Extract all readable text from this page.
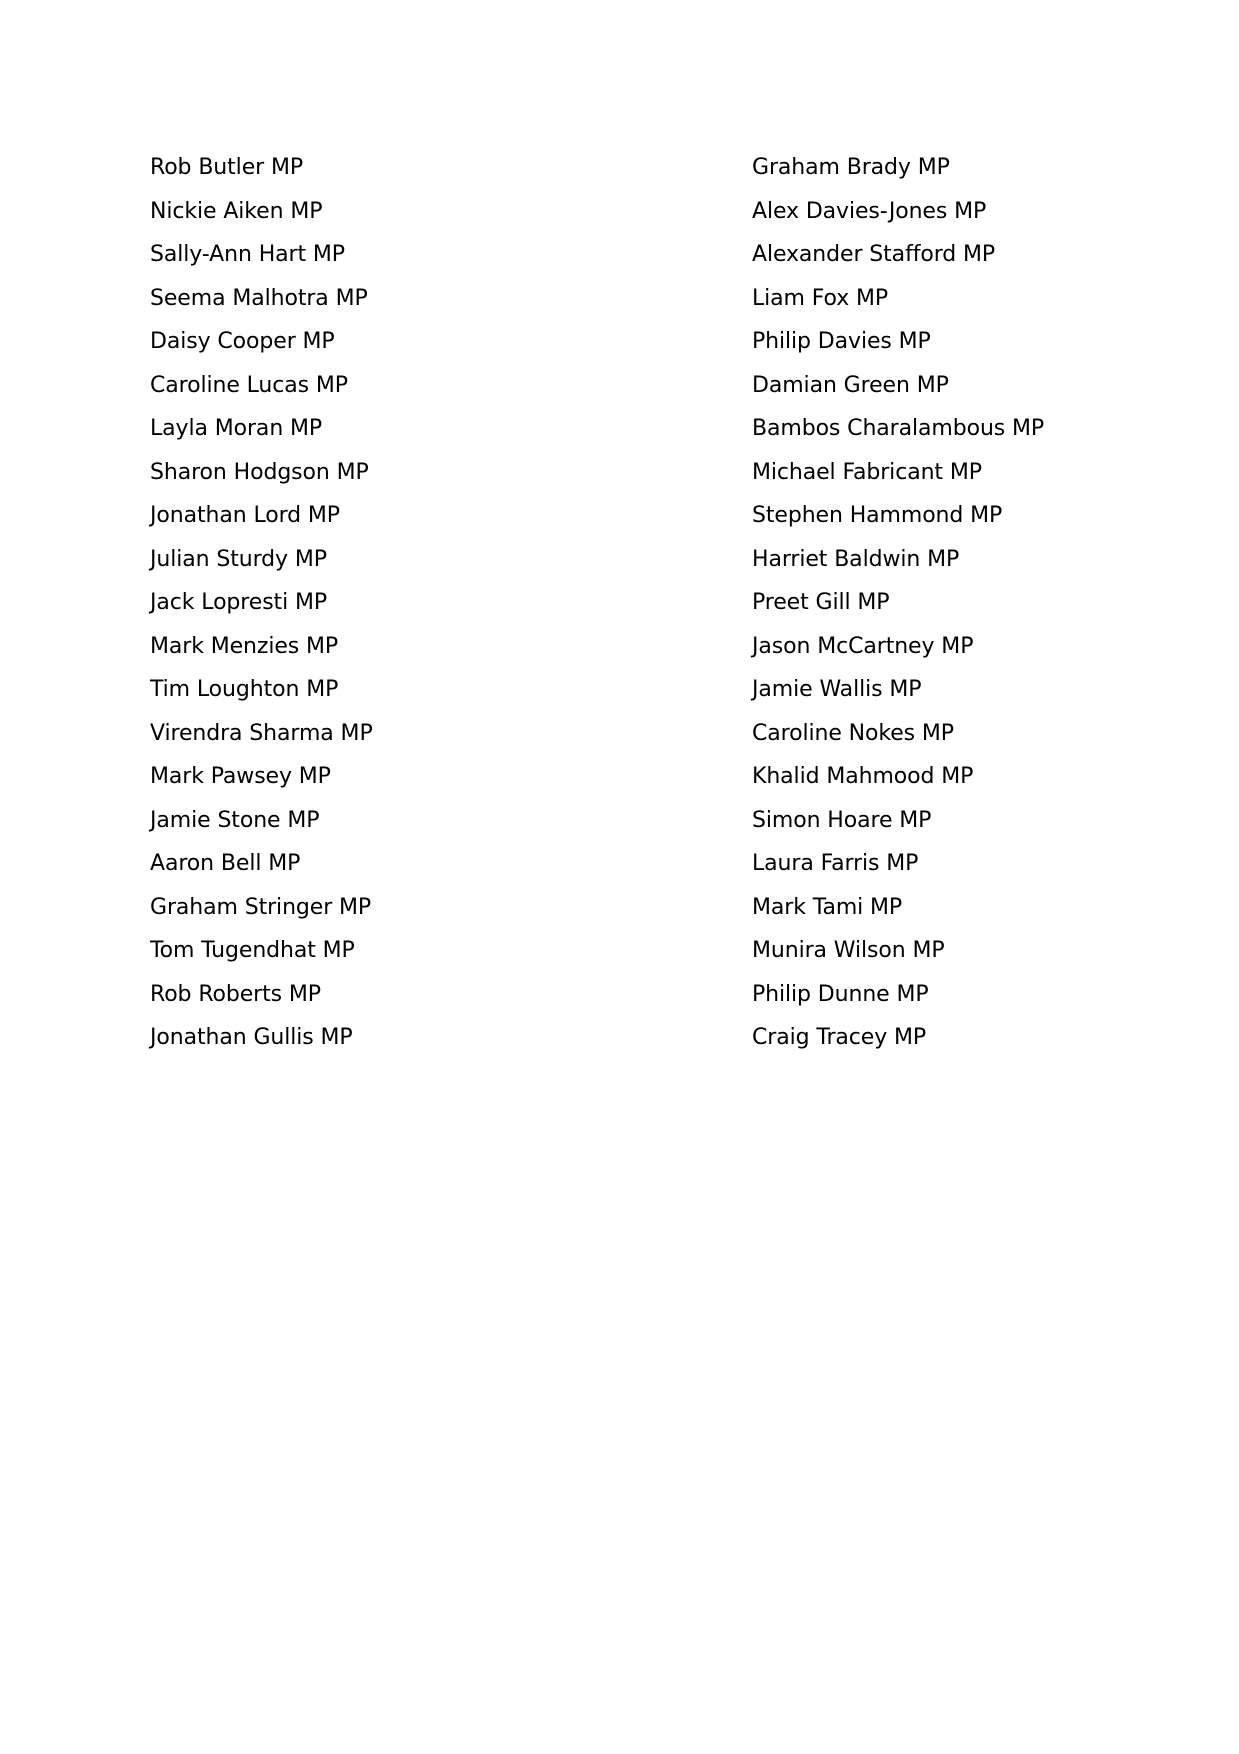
Rob Butler MP
Nickie Aiken MP
Sally-Ann Hart MP
Seema Malhotra MP
Daisy Cooper MP
Caroline Lucas MP
Layla Moran MP
Sharon Hodgson MP
Jonathan Lord MP
Julian Sturdy MP
Jack Lopresti MP
Mark Menzies MP
Tim Loughton MP
Virendra Sharma MP
Mark Pawsey MP
Jamie Stone MP
Aaron Bell MP
Graham Stringer MP
Tom Tugendhat MP
Rob Roberts MP
Jonathan Gullis MP
Graham Brady MP
Alex Davies-Jones MP
Alexander Stafford MP
Liam Fox MP
Philip Davies MP
Damian Green MP
Bambos Charalambous MP
Michael Fabricant MP
Stephen Hammond MP
Harriet Baldwin MP
Preet Gill MP
Jason McCartney MP
Jamie Wallis MP
Caroline Nokes MP
Khalid Mahmood MP
Simon Hoare MP
Laura Farris MP
Mark Tami MP
Munira Wilson MP
Philip Dunne MP
Craig Tracey MP
